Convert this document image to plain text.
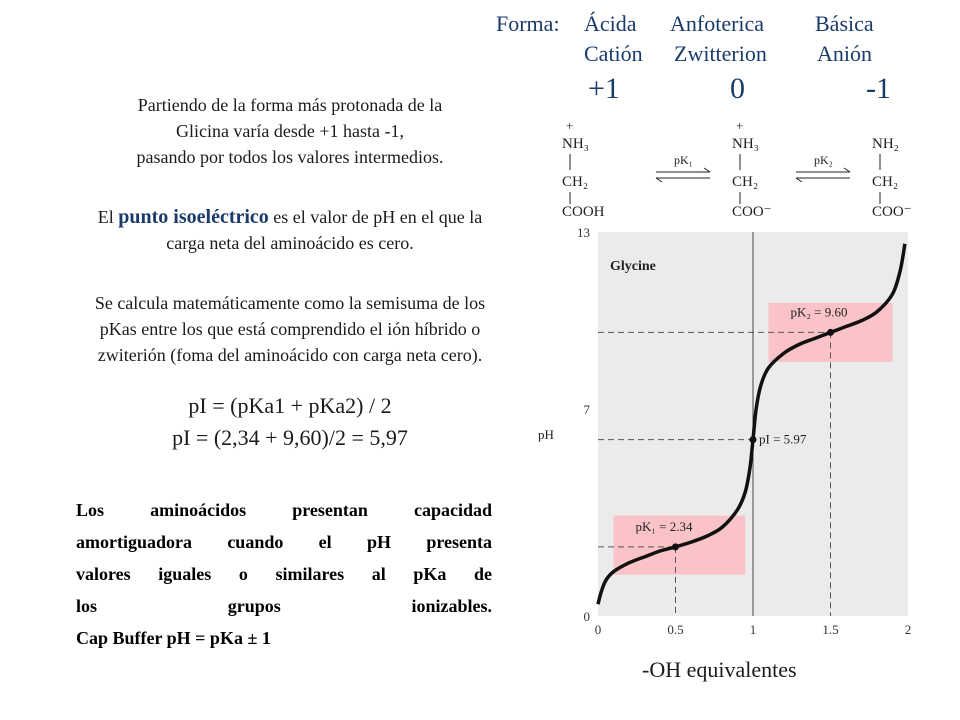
Forma: Ácida Anfoterica Básica
Catión Zwitterion Anión
+1	0	-1
Partiendo de la forma más protonada de la
Glicina varía desde +1 hasta -1,
pasando por todos los valores intermedios.
El punto isoeléctrico es el valor de pH en el que la
carga neta del aminoácido es cero.
Se calcula matemáticamente como la semisuma de los
pKas entre los que está comprendido el ión híbrido o
zwiterión (foma del aminoácido con carga neta cero).
pI = (pKa1 + pKa2) / 2
pI = (2,34 + 9,60)/2 = 5,97
Los aminoácidos presentan capacidad
amortiguadora cuando el pH presenta
valores iguales o similares al pKa de
los grupos ionizables.
Cap Buffer pH = pKa ± 1
+
NH₃
CH₂
COOH
pK₁
+
NH₃
CH₂
COO⁻
pK₂
NH₂
CH₂
COO⁻
pK₁ = 2.34
pI = 5.97
pK₂ = 9.60
0	0.5	1	1.5	2
0
7
13
Glycine
pH
-OH equivalentes
